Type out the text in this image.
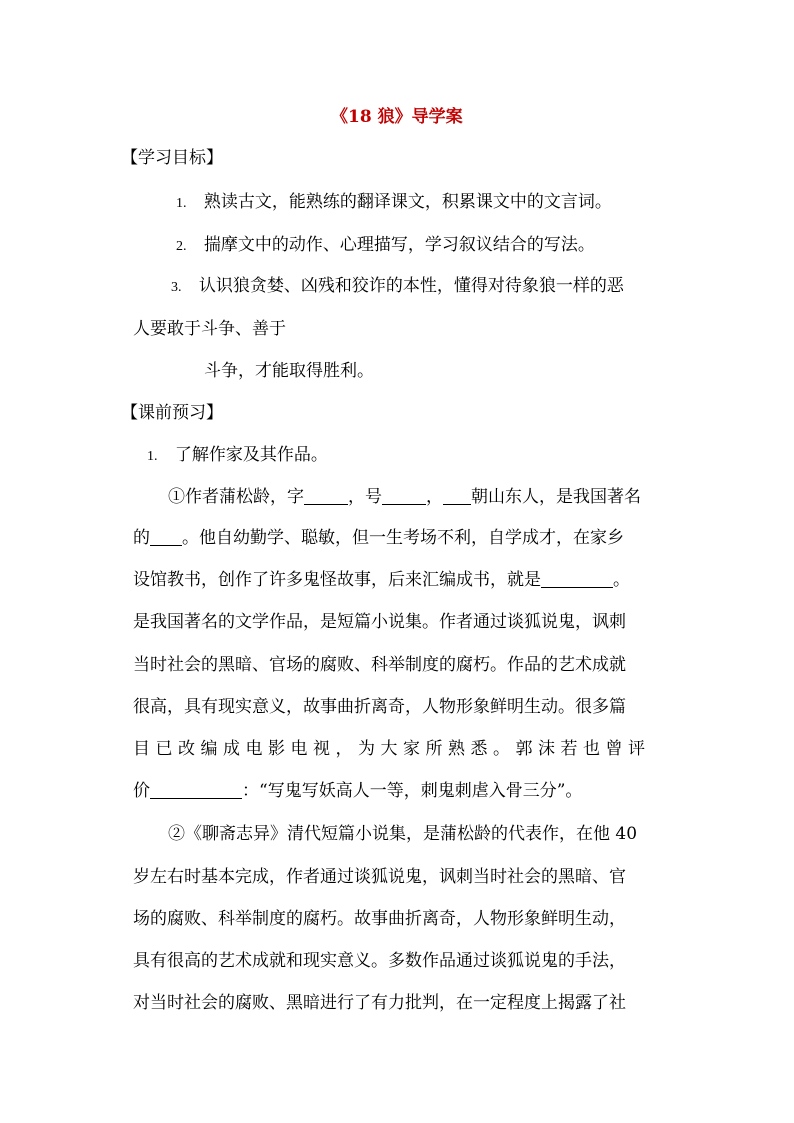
《18 狼》导学案
【学习目标】
1. 熟读古文，能熟练的翻译课文，积累课文中的文言词。
2. 揣摩文中的动作、心理描写，学习叙议结合的写法。
3. 认识狼贪婪、凶残和狡诈的本性，懂得对待象狼一样的恶
人要敢于斗争、善于
斗争，才能取得胜利。
【课前预习】
1. 了解作家及其作品。
①作者蒲松龄，字	，号	， 朝山东人，是我国著名
的 。他自幼勤学、聪敏，但一生考场不利，自学成才，在家乡
设馆教书，创作了许多鬼怪故事，后来汇编成书，就是	。
是我国著名的文学作品，是短篇小说集。作者通过谈狐说鬼，讽刺
当时社会的黑暗、官场的腐败、科举制度的腐朽。作品的艺术成就
很高，具有现实意义，故事曲折离奇，人物形象鲜明生动。很多篇
目已改编成电影电视，为大家所熟悉。郭沫若也曾评
价	：“写鬼写妖高人一等，刺鬼刺虐入骨三分”。
②《聊斋志异》清代短篇小说集，是蒲松龄的代表作，在他 40
岁左右时基本完成，作者通过谈狐说鬼，讽刺当时社会的黑暗、官
场的腐败、科举制度的腐朽。故事曲折离奇，人物形象鲜明生动，
具有很高的艺术成就和现实意义。多数作品通过谈狐说鬼的手法，
对当时社会的腐败、黑暗进行了有力批判，在一定程度上揭露了社
